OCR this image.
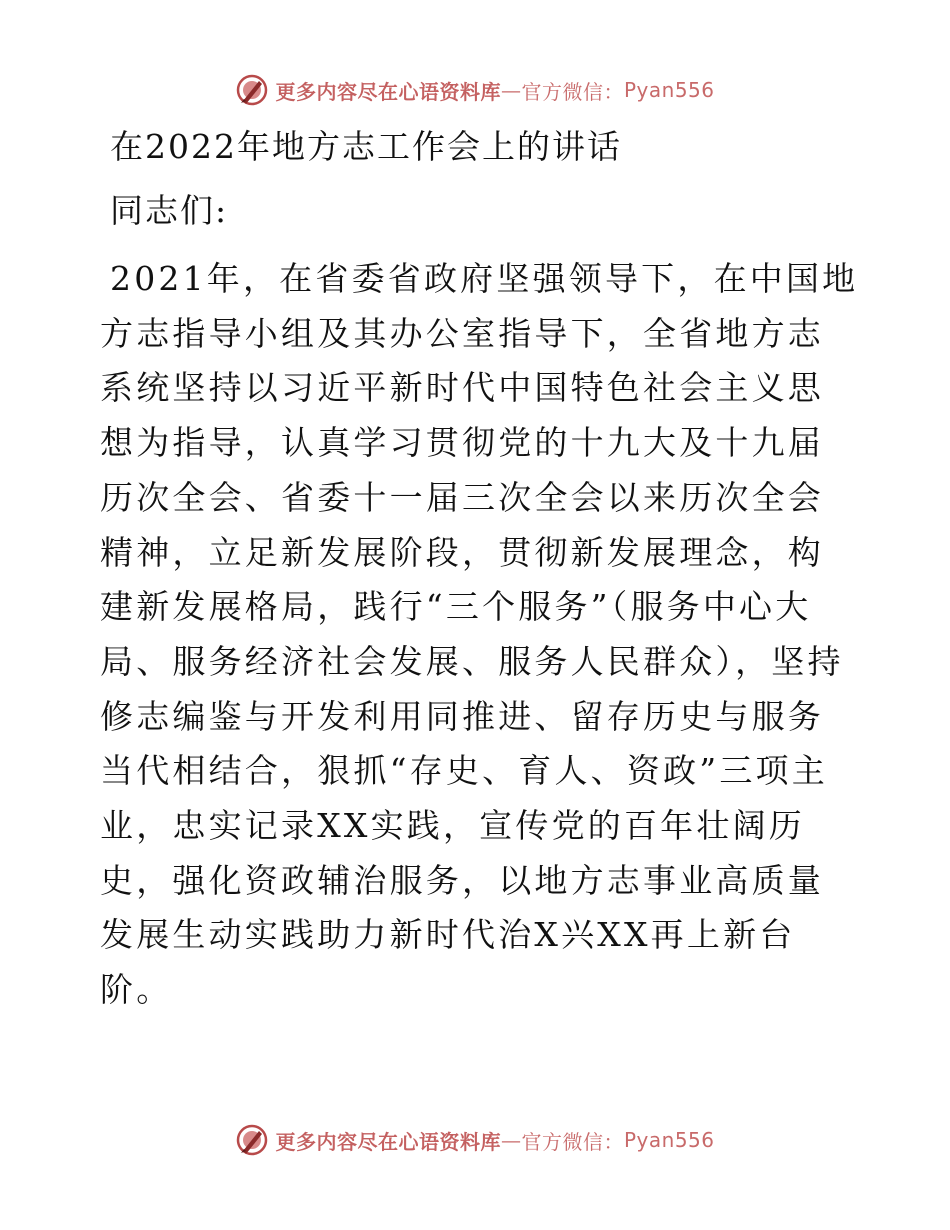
更多内容尽在心语资料库 — 官方微信： Pyan556
在2022年地方志工作会上的讲话

同志们:

2021年，在省委省政府坚强领导下，在中国地方志指导小组及其办公室指导下，全省地方志系统坚持以习近平新时代中国特色社会主义思想为指导，认真学习贯彻党的十九大及十九届历次全会、省委十一届三次全会以来历次全会精神，立足新发展阶段，贯彻新发展理念，构建新发展格局，践行“三个服务”（服务中心大局、服务经济社会发展、服务人民群众），坚持修志编鉴与开发利用同推进、留存历史与服务当代相结合，狠抓“存史、育人、资政”三项主业，忠实记录XX实践，宣传党的百年壮阔历史，强化资政辅治服务，以地方志事业高质量发展生动实践助力新时代治X兴XX再上新台阶。

更多内容尽在心语资料库 — 官方微信： Pyan556
